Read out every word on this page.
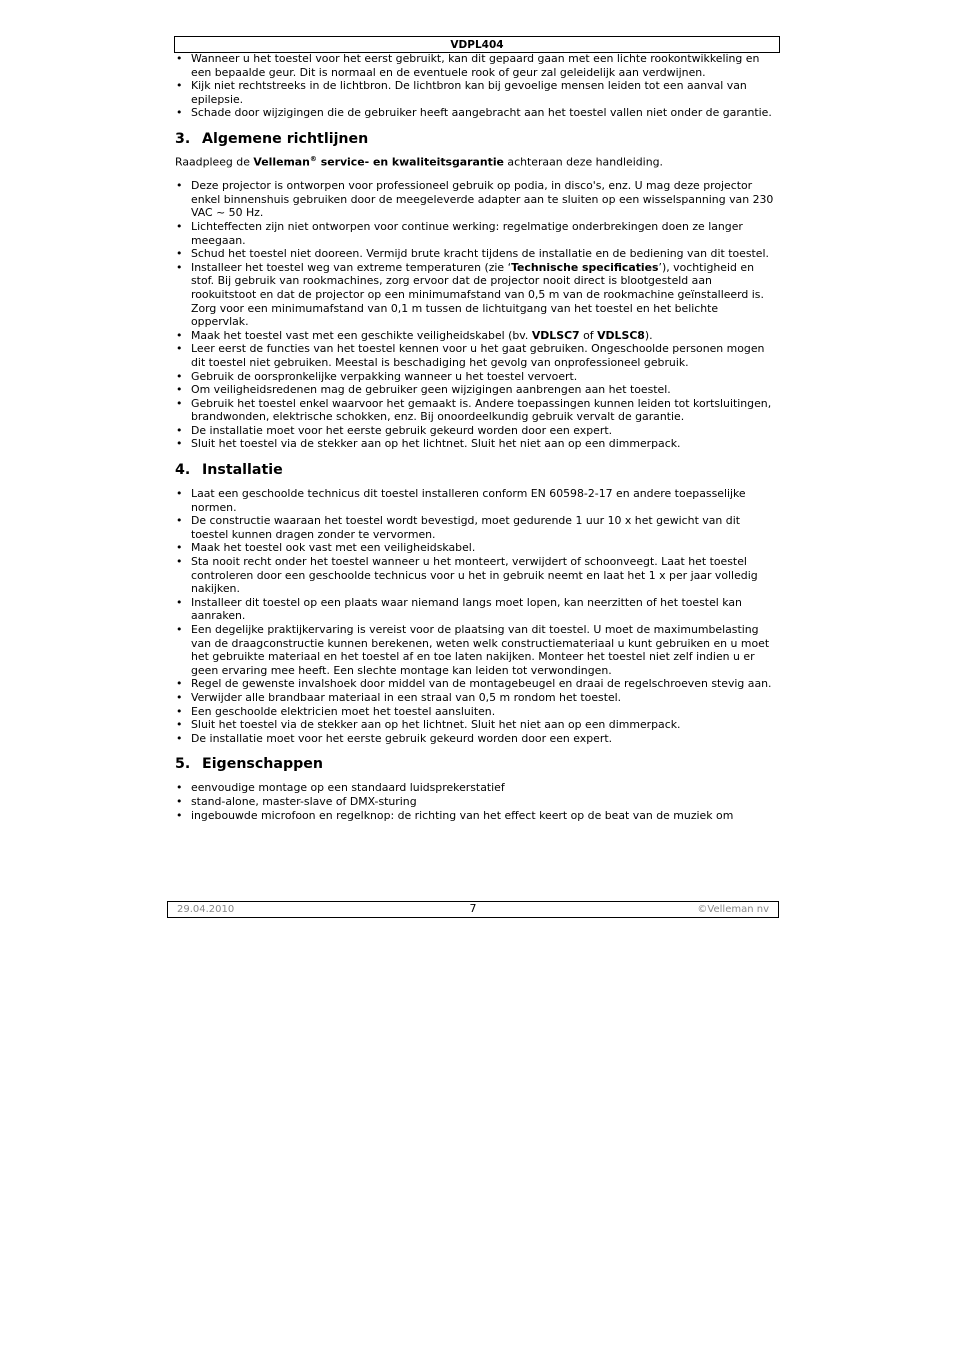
VDPL404
• Wanneer u het toestel voor het eerst gebruikt, kan dit gepaard gaan met een lichte rookontwikkeling en een bepaalde geur. Dit is normaal en de eventuele rook of geur zal geleidelijk aan verdwijnen.
• Kijk niet rechtstreeks in de lichtbron. De lichtbron kan bij gevoelige mensen leiden tot een aanval van epilepsie.
• Schade door wijzigingen die de gebruiker heeft aangebracht aan het toestel vallen niet onder de garantie.
3. Algemene richtlijnen

Raadpleeg de Velleman® service- en kwaliteitsgarantie achteraan deze handleiding.

• Deze projector is ontworpen voor professioneel gebruik op podia, in disco's, enz. U mag deze projector enkel binnenshuis gebruiken door de meegeleverde adapter aan te sluiten op een wisselspanning van 230 VAC ~ 50 Hz.
• Lichteffecten zijn niet ontworpen voor continue werking: regelmatige onderbrekingen doen ze langer meegaan.
• Schud het toestel niet dooreen. Vermijd brute kracht tijdens de installatie en de bediening van dit toestel.
• Installeer het toestel weg van extreme temperaturen (zie ‘Technische specificaties’), vochtigheid en stof. Bij gebruik van rookmachines, zorg ervoor dat de projector nooit direct is blootgesteld aan rookuitstoot en dat de projector op een minimumafstand van 0,5 m van de rookmachine geïnstalleerd is. Zorg voor een minimumafstand van 0,1 m tussen de lichtuitgang van het toestel en het belichte oppervlak.
• Maak het toestel vast met een geschikte veiligheidskabel (bv. VDLSC7 of VDLSC8).
• Leer eerst de functies van het toestel kennen voor u het gaat gebruiken. Ongeschoolde personen mogen dit toestel niet gebruiken. Meestal is beschadiging het gevolg van onprofessioneel gebruik.
• Gebruik de oorspronkelijke verpakking wanneer u het toestel vervoert.
• Om veiligheidsredenen mag de gebruiker geen wijzigingen aanbrengen aan het toestel.
• Gebruik het toestel enkel waarvoor het gemaakt is. Andere toepassingen kunnen leiden tot kortsluitingen, brandwonden, elektrische schokken, enz. Bij onoordeelkundig gebruik vervalt de garantie.
• De installatie moet voor het eerste gebruik gekeurd worden door een expert.
• Sluit het toestel via de stekker aan op het lichtnet. Sluit het niet aan op een dimmerpack.
4. Installatie
• Laat een geschoolde technicus dit toestel installeren conform EN 60598-2-17 en andere toepasselijke normen.
• De constructie waaraan het toestel wordt bevestigd, moet gedurende 1 uur 10 x het gewicht van dit toestel kunnen dragen zonder te vervormen.
• Maak het toestel ook vast met een veiligheidskabel.
• Sta nooit recht onder het toestel wanneer u het monteert, verwijdert of schoonveegt. Laat het toestel controleren door een geschoolde technicus voor u het in gebruik neemt en laat het 1 x per jaar volledig nakijken.
• Installeer dit toestel op een plaats waar niemand langs moet lopen, kan neerzitten of het toestel kan aanraken.
• Een degelijke praktijkervaring is vereist voor de plaatsing van dit toestel. U moet de maximumbelasting van de draagconstructie kunnen berekenen, weten welk constructiemateriaal u kunt gebruiken en u moet het gebruikte materiaal en het toestel af en toe laten nakijken. Monteer het toestel niet zelf indien u er geen ervaring mee heeft. Een slechte montage kan leiden tot verwondingen.
• Regel de gewenste invalshoek door middel van de montagebeugel en draai de regelschroeven stevig aan.
• Verwijder alle brandbaar materiaal in een straal van 0,5 m rondom het toestel.
• Een geschoolde elektricien moet het toestel aansluiten.
• Sluit het toestel via de stekker aan op het lichtnet. Sluit het niet aan op een dimmerpack.
• De installatie moet voor het eerste gebruik gekeurd worden door een expert.
5. Eigenschappen
• eenvoudige montage op een standaard luidsprekerstatief
• stand-alone, master-slave of DMX-sturing
• ingebouwde microfoon en regelknop: de richting van het effect keert op de beat van de muziek om
29.04.2010	7	©Velleman nv
